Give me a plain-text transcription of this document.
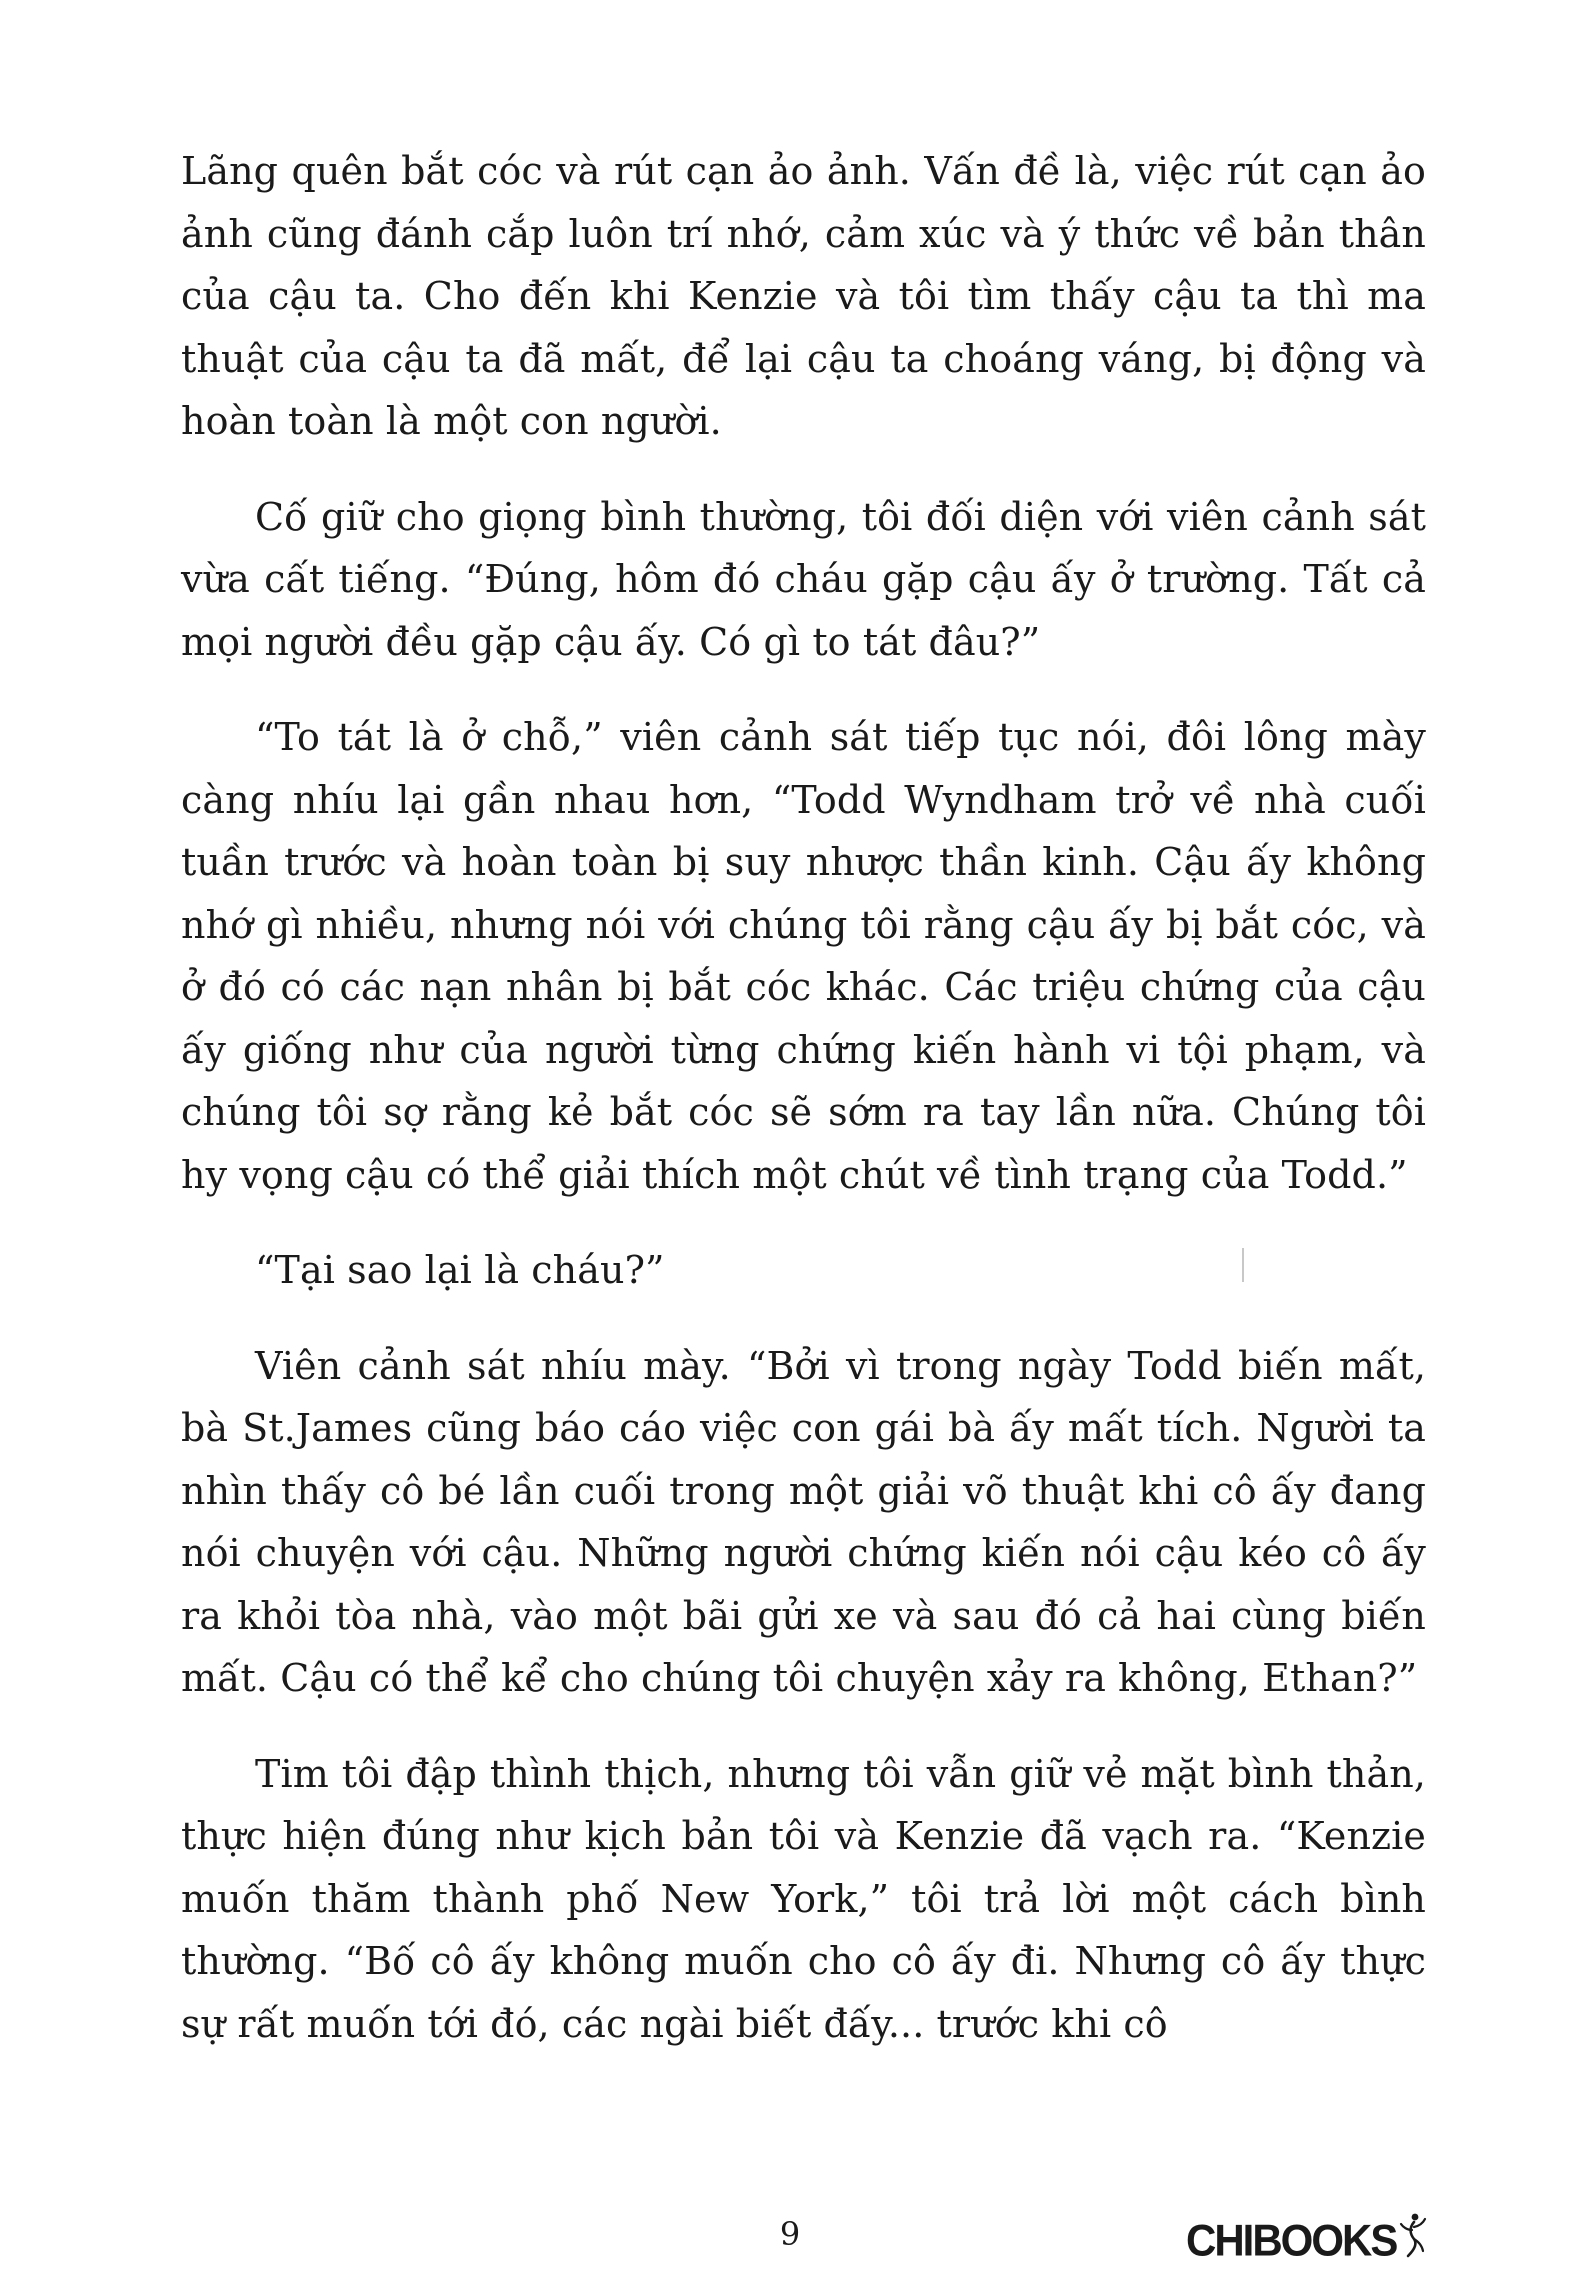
Lãng quên bắt cóc và rút cạn ảo ảnh. Vấn đề là, việc rút cạn ảo ảnh cũng đánh cắp luôn trí nhớ, cảm xúc và ý thức về bản thân của cậu ta. Cho đến khi Kenzie và tôi tìm thấy cậu ta thì ma thuật của cậu ta đã mất, để lại cậu ta choáng váng, bị động và hoàn toàn là một con người.

Cố giữ cho giọng bình thường, tôi đối diện với viên cảnh sát vừa cất tiếng. “Đúng, hôm đó cháu gặp cậu ấy ở trường. Tất cả mọi người đều gặp cậu ấy. Có gì to tát đâu?”

“To tát là ở chỗ,” viên cảnh sát tiếp tục nói, đôi lông mày càng nhíu lại gần nhau hơn, “Todd Wyndham trở về nhà cuối tuần trước và hoàn toàn bị suy nhược thần kinh. Cậu ấy không nhớ gì nhiều, nhưng nói với chúng tôi rằng cậu ấy bị bắt cóc, và ở đó có các nạn nhân bị bắt cóc khác. Các triệu chứng của cậu ấy giống như của người từng chứng kiến hành vi tội phạm, và chúng tôi sợ rằng kẻ bắt cóc sẽ sớm ra tay lần nữa. Chúng tôi hy vọng cậu có thể giải thích một chút về tình trạng của Todd.”

“Tại sao lại là cháu?”

Viên cảnh sát nhíu mày. “Bởi vì trong ngày Todd biến mất, bà St.James cũng báo cáo việc con gái bà ấy mất tích. Người ta nhìn thấy cô bé lần cuối trong một giải võ thuật khi cô ấy đang nói chuyện với cậu. Những người chứng kiến nói cậu kéo cô ấy ra khỏi tòa nhà, vào một bãi gửi xe và sau đó cả hai cùng biến mất. Cậu có thể kể cho chúng tôi chuyện xảy ra không, Ethan?”

Tim tôi đập thình thịch, nhưng tôi vẫn giữ vẻ mặt bình thản, thực hiện đúng như kịch bản tôi và Kenzie đã vạch ra. “Kenzie muốn thăm thành phố New York,” tôi trả lời một cách bình thường. “Bố cô ấy không muốn cho cô ấy đi. Nhưng cô ấy thực sự rất muốn tới đó, các ngài biết đấy... trước khi cô

9	CHIBOOKS
